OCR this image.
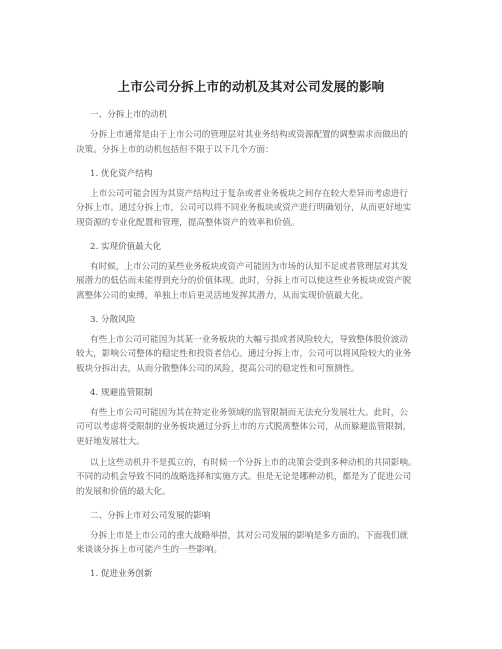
上市公司分拆上市的动机及其对公司发展的影响
一、分拆上市的动机
分拆上市通常是由于上市公司的管理层对其业务结构或资源配置的调整需求而做出的
决策。分拆上市的动机包括但不限于以下几个方面：
1. 优化资产结构
上市公司可能会因为其资产结构过于复杂或者业务板块之间存在较大差异而考虑进行
分拆上市。通过分拆上市，公司可以将不同业务板块或资产进行明确划分，从而更好地实
现资源的专业化配置和管理，提高整体资产的效率和价值。
2. 实现价值最大化
有时候，上市公司的某些业务板块或资产可能因为市场的认知不足或者管理层对其发
展潜力的低估而未能得到充分的价值体现。此时，分拆上市可以使这些业务板块或资产脱
离整体公司的束缚，单独上市后更灵活地发挥其潜力，从而实现价值最大化。
3. 分散风险
有些上市公司可能因为其某一业务板块的大幅亏损或者风险较大，导致整体股价波动
较大，影响公司整体的稳定性和投资者信心。通过分拆上市，公司可以将风险较大的业务
板块分拆出去，从而分散整体公司的风险，提高公司的稳定性和可预测性。
4. 规避监管限制
有些上市公司可能因为其在特定业务领域的监管限制而无法充分发展壮大。此时，公
司可以考虑将受限制的业务板块通过分拆上市的方式脱离整体公司，从而躲避监管限制，
更好地发展壮大。
以上这些动机并不是孤立的，有时候一个分拆上市的决策会受到多种动机的共同影响。
不同的动机会导致不同的战略选择和实施方式。但是无论是哪种动机，都是为了促进公司
的发展和价值的最大化。
二、分拆上市对公司发展的影响
分拆上市是上市公司的重大战略举措，其对公司发展的影响是多方面的。下面我们就
来谈谈分拆上市可能产生的一些影响。
1. 促进业务创新
